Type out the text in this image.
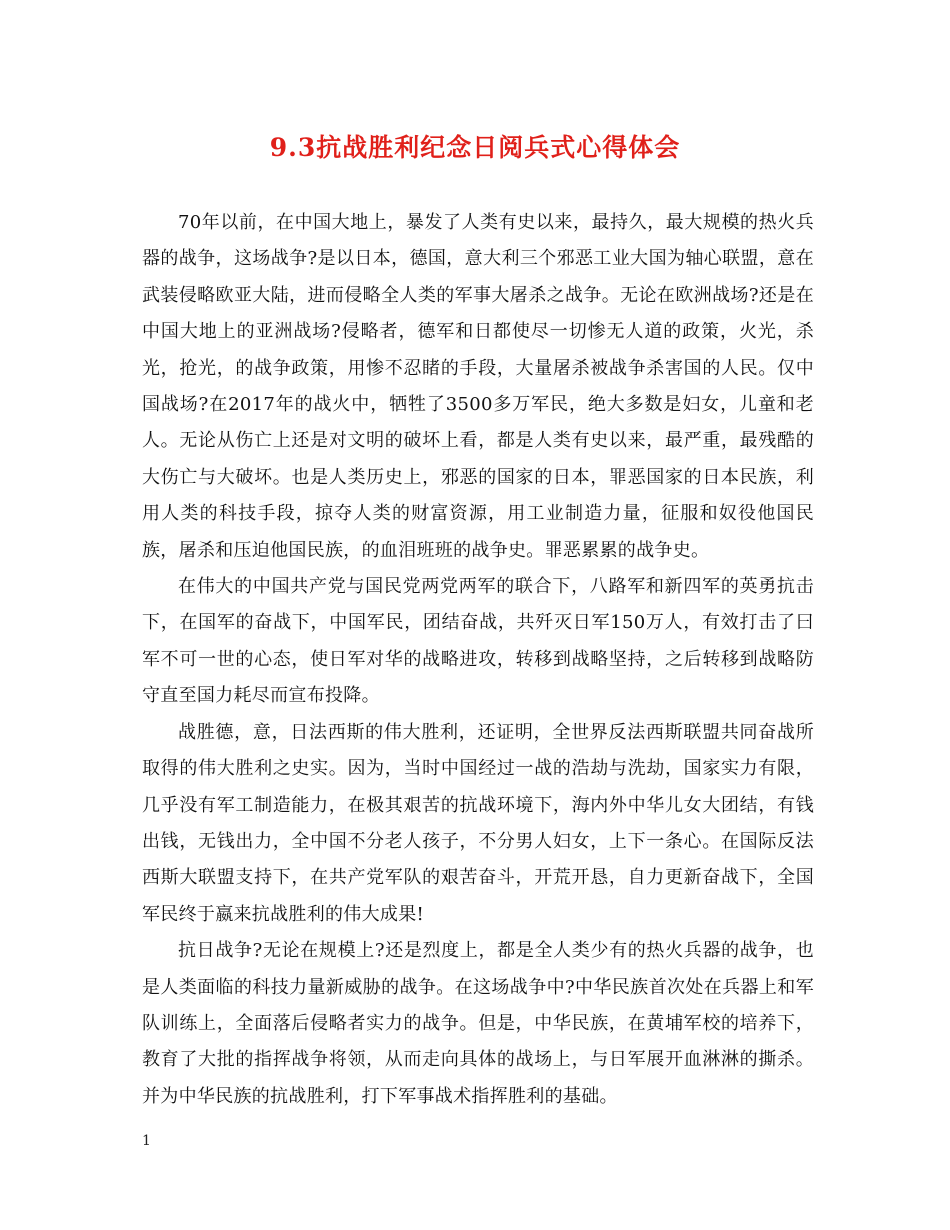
9.3抗战胜利纪念日阅兵式心得体会

70年以前，在中国大地上，暴发了人类有史以来，最持久，最大规模的热火兵器的战争，这场战争?是以日本，德国，意大利三个邪恶工业大国为轴心联盟，意在武装侵略欧亚大陆，进而侵略全人类的军事大屠杀之战争。无论在欧洲战场?还是在中国大地上的亚洲战场?侵略者，德军和日都使尽一切惨无人道的政策，火光，杀光，抢光，的战争政策，用惨不忍睹的手段，大量屠杀被战争杀害国的人民。仅中国战场?在2017年的战火中，牺牲了3500多万军民，绝大多数是妇女，儿童和老人。无论从伤亡上还是对文明的破坏上看，都是人类有史以来，最严重，最残酷的大伤亡与大破坏。也是人类历史上，邪恶的国家的日本，罪恶国家的日本民族，利用人类的科技手段，掠夺人类的财富资源，用工业制造力量，征服和奴役他国民族，屠杀和压迫他国民族，的血泪班班的战争史。罪恶累累的战争史。

在伟大的中国共产党与国民党两党两军的联合下，八路军和新四军的英勇抗击下，在国军的奋战下，中国军民，团结奋战，共歼灭日军150万人，有效打击了曰军不可一世的心态，使日军对华的战略进攻，转移到战略坚持，之后转移到战略防守直至国力耗尽而宣布投降。

战胜德，意，日法西斯的伟大胜利，还证明，全世界反法西斯联盟共同奋战所取得的伟大胜利之史实。因为，当时中国经过一战的浩劫与洗劫，国家实力有限，几乎没有军工制造能力，在极其艰苦的抗战环境下，海内外中华儿女大团结，有钱出钱，无钱出力，全中国不分老人孩子，不分男人妇女，上下一条心。在国际反法西斯大联盟支持下，在共产党军队的艰苦奋斗，开荒开恳，自力更新奋战下，全国军民终于嬴来抗战胜利的伟大成果!

抗日战争?无论在规模上?还是烈度上，都是全人类少有的热火兵器的战争，也是人类面临的科技力量新威胁的战争。在这场战争中?中华民族首次处在兵器上和军队训练上，全面落后侵略者实力的战争。但是，中华民族，在黄埔军校的培养下，教育了大批的指挥战争将领，从而走向具体的战场上，与日军展开血淋淋的撕杀。并为中华民族的抗战胜利，打下军事战术指挥胜利的基础。

1
